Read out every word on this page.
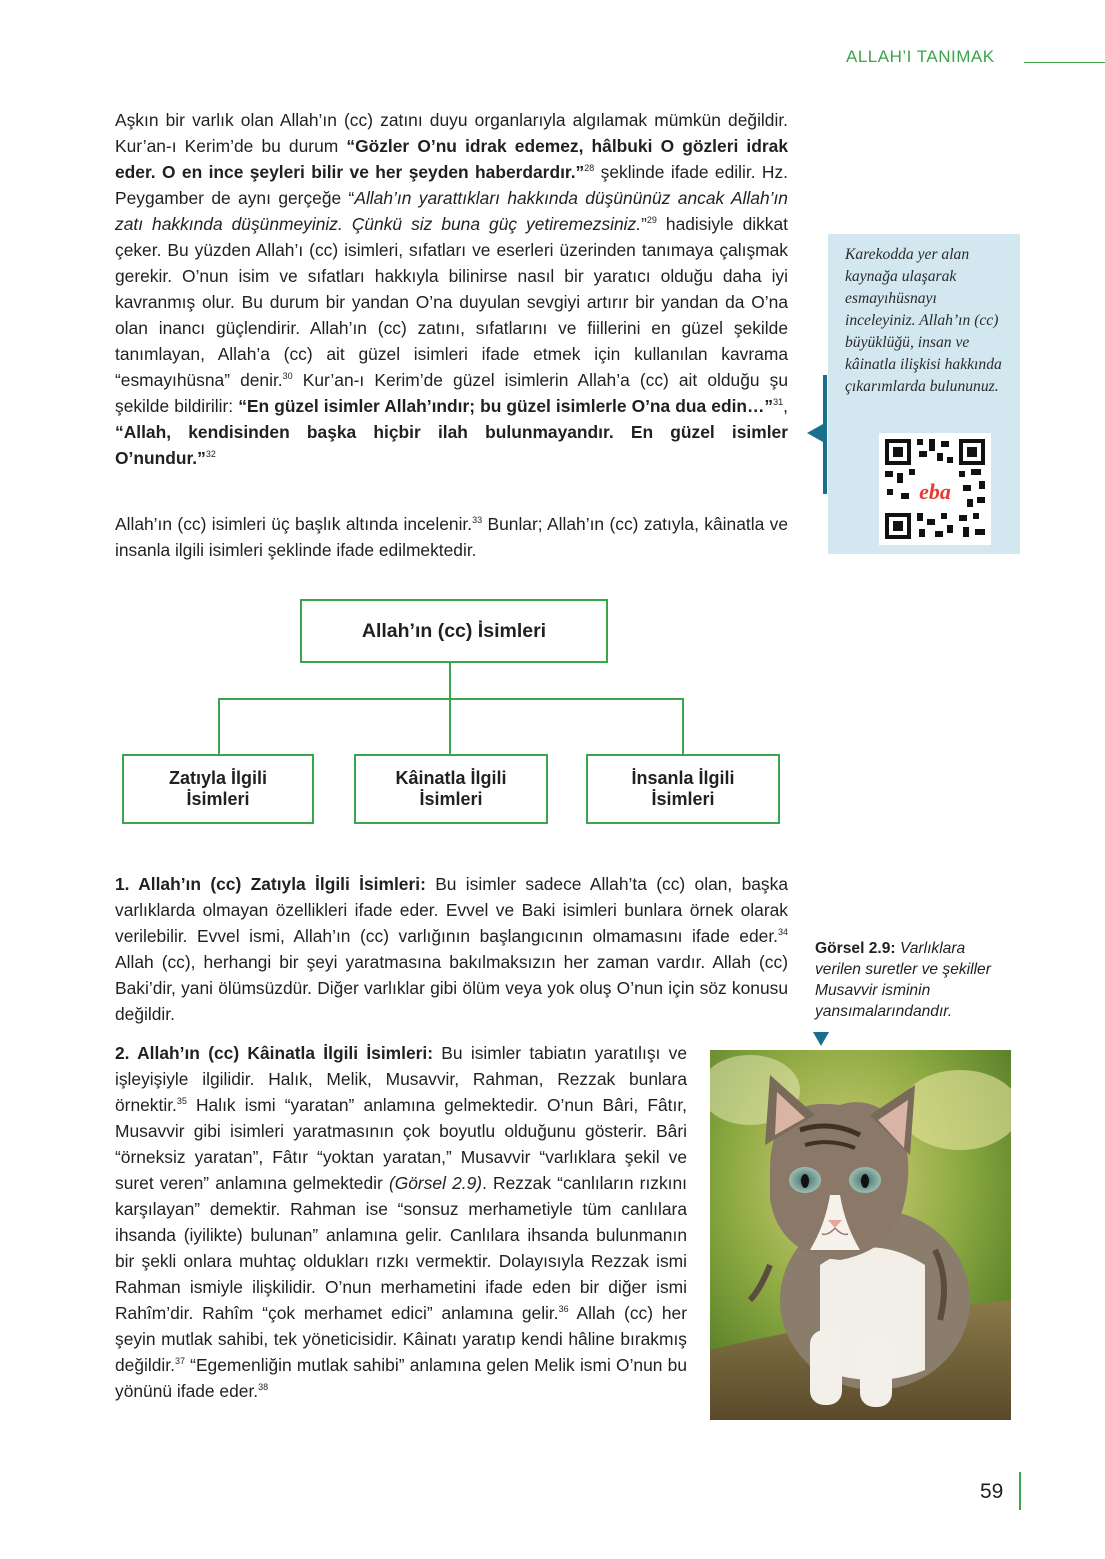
ALLAH’I TANIMAK

Aşkın bir varlık olan Allah’ın (cc) zatını duyu organlarıyla algılamak mümkün değildir. Kur’an-ı Kerim’de bu durum “Gözler O’nu idrak edemez, hâlbuki O gözleri idrak eder. O en ince şeyleri bilir ve her şeyden haberdardır.”$^{28}$ şeklinde ifade edilir. Hz. Peygamber de aynı gerçeğe “Allah’ın yarattıkları hakkında düşününüz ancak Allah’ın zatı hakkında düşünmeyiniz. Çünkü siz buna güç yetiremezsiniz.”$^{29}$ hadisiyle dikkat çeker. Bu yüzden Allah’ı (cc) isimleri, sıfatları ve eserleri üzerinden tanımaya çalışmak gerekir. O’nun isim ve sıfatları hakkıyla bilinirse nasıl bir yaratıcı olduğu daha iyi kavranmış olur. Bu durum bir yandan O’na duyulan sevgiyi artırır bir yandan da O’na olan inancı güçlendirir. Allah’ın (cc) zatını, sıfatlarını ve fiillerini en güzel şekilde tanımlayan, Allah’a (cc) ait güzel isimleri ifade etmek için kullanılan kavrama “esmayıhüsna” denir.$^{30}$ Kur’an-ı Kerim’de güzel isimlerin Allah’a (cc) ait olduğu şu şekilde bildirilir: “En güzel isimler Allah’ındır; bu güzel isimlerle O’na dua edin…”$^{31}$, “Allah, kendisinden başka hiçbir ilah bulunmayandır. En güzel isimler O’nundur.”$^{32}$

Allah’ın (cc) isimleri üç başlık altında incelenir.$^{33}$ Bunlar; Allah’ın (cc) zatıyla, kâinatla ve insanla ilgili isimleri şeklinde ifade edilmektedir.

Karekodda yer alan kaynağa ulaşarak esmayıhüsnayı inceleyiniz. Allah’ın (cc) büyüklüğü, insan ve kâinatla ilişkisi hakkında çıkarımlarda bulununuz.
eba
Allah’ın (cc) İsimleri
Zatıyla İlgili
İsimleri
Kâinatla İlgili
İsimleri
İnsanla İlgili
İsimleri

1. Allah’ın (cc) Zatıyla İlgili İsimleri: Bu isimler sadece Allah’ta (cc) olan, başka varlıklarda olmayan özellikleri ifade eder. Evvel ve Baki isimleri bunlara örnek olarak verilebilir. Evvel ismi, Allah’ın (cc) varlığının başlangıcının olmamasını ifade eder.$^{34}$ Allah (cc), herhangi bir şeyi yaratmasına bakılmaksızın her zaman vardır. Allah (cc) Baki’dir, yani ölümsüzdür. Diğer varlıklar gibi ölüm veya yok oluş O’nun için söz konusu değildir.

2. Allah’ın (cc) Kâinatla İlgili İsimleri: Bu isimler tabiatın yaratılışı ve işleyişiyle ilgilidir. Halık, Melik, Musavvir, Rahman, Rezzak bunlara örnektir.$^{35}$ Halık ismi “yaratan” anlamına gelmektedir. O’nun Bâri, Fâtır, Musavvir gibi isimleri yaratmasının çok boyutlu olduğunu gösterir. Bâri “örneksiz yaratan”, Fâtır “yoktan yaratan,” Musavvir “varlıklara şekil ve suret veren” anlamına gelmektedir (Görsel 2.9). Rezzak “canlıların rızkını karşılayan” demektir. Rahman ise “sonsuz merhametiyle tüm canlılara ihsanda (iyilikte) bulunan” anlamına gelir. Canlılara ihsanda bulunmanın bir şekli onlara muhtaç oldukları rızkı vermektir. Dolayısıyla Rezzak ismi Rahman ismiyle ilişkilidir. O’nun merhametini ifade eden bir diğer ismi Rahîm’dir. Rahîm “çok merhamet edici” anlamına gelir.$^{36}$ Allah (cc) her şeyin mutlak sahibi, tek yöneticisidir. Kâinatı yaratıp kendi hâline bırakmış değildir.$^{37}$ “Egemenliğin mutlak sahibi” anlamına gelen Melik ismi O’nun bu yönünü ifade eder.$^{38}$

Görsel 2.9: Varlıklara verilen suretler ve şekiller Musavvir isminin yansımalarındandır.
59
